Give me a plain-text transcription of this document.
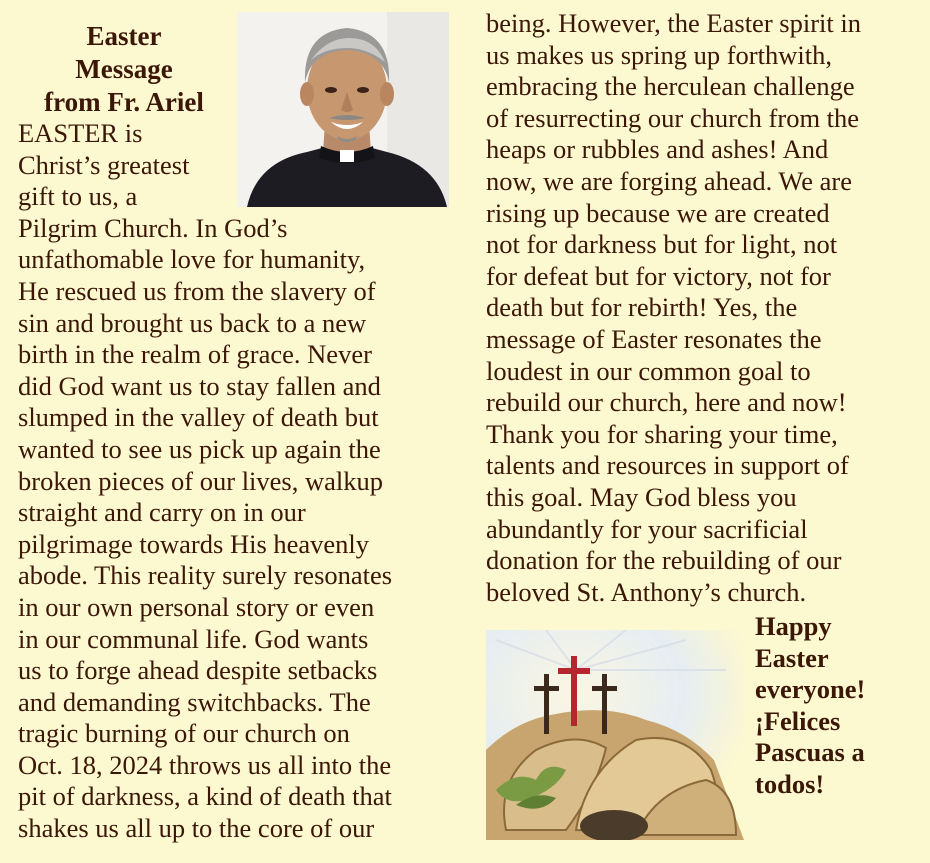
Easter
Message
from Fr. Ariel

EASTER is
Christ’s greatest
gift to us, a
Pilgrim Church. In God’s
unfathomable love for humanity,
He rescued us from the slavery of
sin and brought us back to a new
birth in the realm of grace. Never
did God want us to stay fallen and
slumped in the valley of death but
wanted to see us pick up again the
broken pieces of our lives, walkup
straight and carry on in our
pilgrimage towards His heavenly
abode. This reality surely resonates
in our own personal story or even
in our communal life. God wants
us to forge ahead despite setbacks
and demanding switchbacks. The
tragic burning of our church on
Oct. 18, 2024 throws us all into the
pit of darkness, a kind of death that
shakes us all up to the core of our

being. However, the Easter spirit in
us makes us spring up forthwith,
embracing the herculean challenge
of resurrecting our church from the
heaps or rubbles and ashes! And
now, we are forging ahead. We are
rising up because we are created
not for darkness but for light, not
for defeat but for victory, not for
death but for rebirth! Yes, the
message of Easter resonates the
loudest in our common goal to
rebuild our church, here and now!
Thank you for sharing your time,
talents and resources in support of
this goal. May God bless you
abundantly for your sacrificial
donation for the rebuilding of our
beloved St. Anthony’s church.

Happy
Easter
everyone!
¡Felices
Pascuas a
todos!
